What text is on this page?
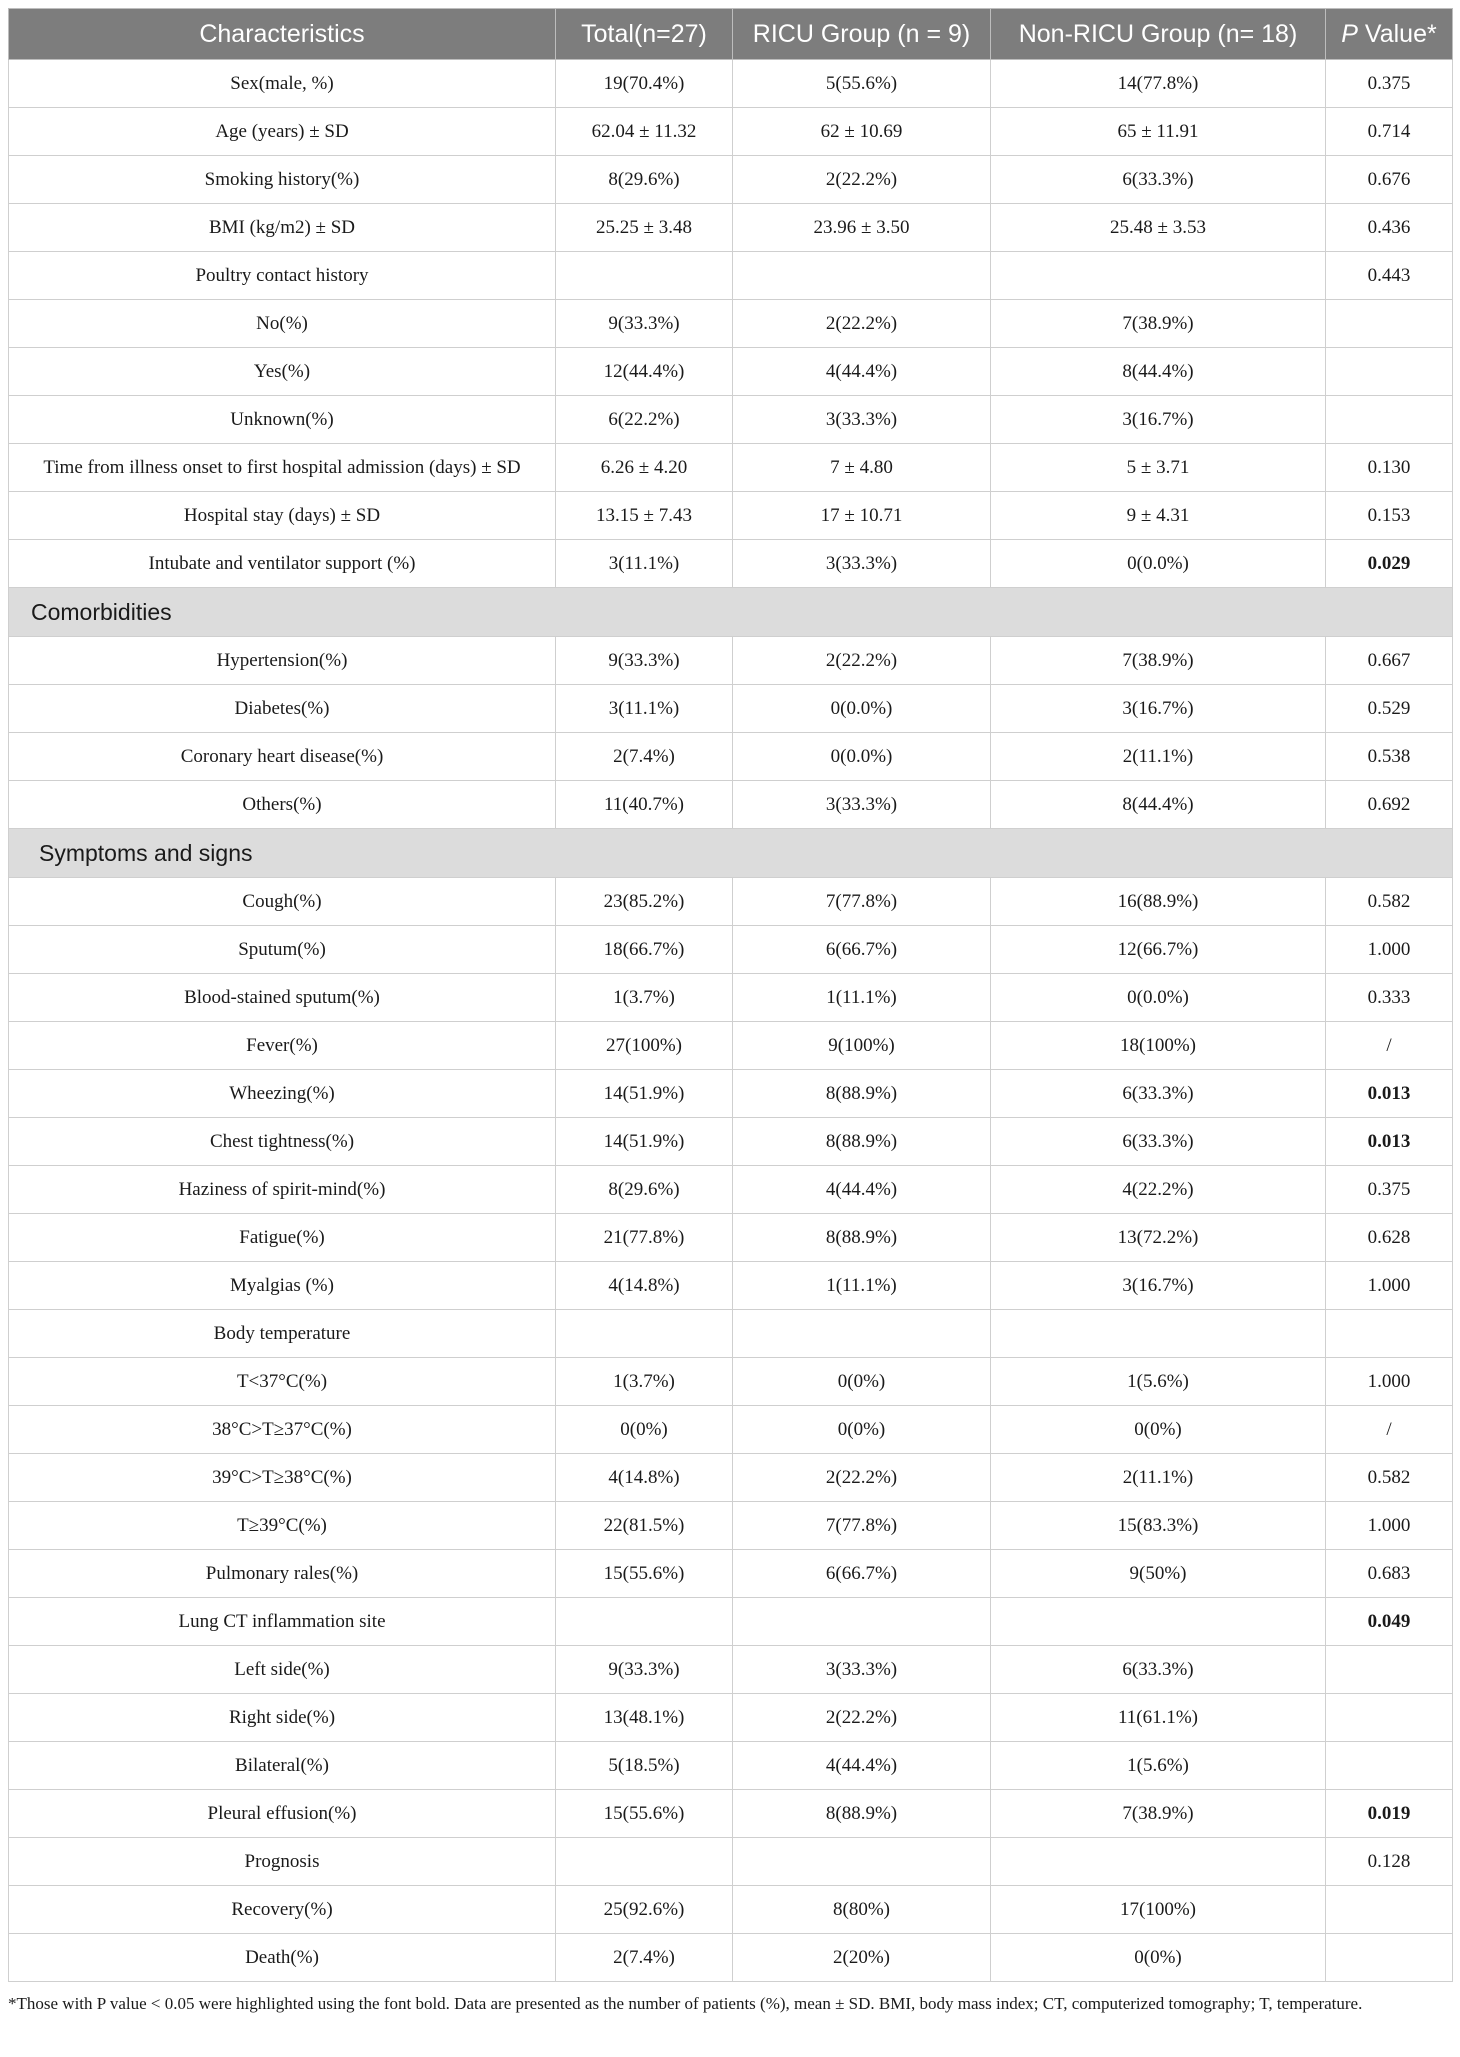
Characteristics	Total(n=27)	RICU Group (n = 9)	Non-RICU Group (n= 18)	P Value*
Sex(male, %)	19(70.4%)	5(55.6%)	14(77.8%)	0.375
Age (years) ± SD	62.04 ± 11.32	62 ± 10.69	65 ± 11.91	0.714
Smoking history(%)	8(29.6%)	2(22.2%)	6(33.3%)	0.676
BMI (kg/m2) ± SD	25.25 ± 3.48	23.96 ± 3.50	25.48 ± 3.53	0.436
Poultry contact history				0.443
No(%)	9(33.3%)	2(22.2%)	7(38.9%)	
Yes(%)	12(44.4%)	4(44.4%)	8(44.4%)	
Unknown(%)	6(22.2%)	3(33.3%)	3(16.7%)	
Time from illness onset to first hospital admission (days) ± SD	6.26 ± 4.20	7 ± 4.80	5 ± 3.71	0.130
Hospital stay (days) ± SD	13.15 ± 7.43	17 ± 10.71	9 ± 4.31	0.153
Intubate and ventilator support (%)	3(11.1%)	3(33.3%)	0(0.0%)	0.029
Comorbidities				
Hypertension(%)	9(33.3%)	2(22.2%)	7(38.9%)	0.667
Diabetes(%)	3(11.1%)	0(0.0%)	3(16.7%)	0.529
Coronary heart disease(%)	2(7.4%)	0(0.0%)	2(11.1%)	0.538
Others(%)	11(40.7%)	3(33.3%)	8(44.4%)	0.692
Symptoms and signs				
Cough(%)	23(85.2%)	7(77.8%)	16(88.9%)	0.582
Sputum(%)	18(66.7%)	6(66.7%)	12(66.7%)	1.000
Blood-stained sputum(%)	1(3.7%)	1(11.1%)	0(0.0%)	0.333
Fever(%)	27(100%)	9(100%)	18(100%)	/
Wheezing(%)	14(51.9%)	8(88.9%)	6(33.3%)	0.013
Chest tightness(%)	14(51.9%)	8(88.9%)	6(33.3%)	0.013
Haziness of spirit-mind(%)	8(29.6%)	4(44.4%)	4(22.2%)	0.375
Fatigue(%)	21(77.8%)	8(88.9%)	13(72.2%)	0.628
Myalgias (%)	4(14.8%)	1(11.1%)	3(16.7%)	1.000
Body temperature				
T<37°C(%)	1(3.7%)	0(0%)	1(5.6%)	1.000
38°C>T≥37°C(%)	0(0%)	0(0%)	0(0%)	/
39°C>T≥38°C(%)	4(14.8%)	2(22.2%)	2(11.1%)	0.582
T≥39°C(%)	22(81.5%)	7(77.8%)	15(83.3%)	1.000
Pulmonary rales(%)	15(55.6%)	6(66.7%)	9(50%)	0.683
Lung CT inflammation site				0.049
Left side(%)	9(33.3%)	3(33.3%)	6(33.3%)	
Right side(%)	13(48.1%)	2(22.2%)	11(61.1%)	
Bilateral(%)	5(18.5%)	4(44.4%)	1(5.6%)	
Pleural effusion(%)	15(55.6%)	8(88.9%)	7(38.9%)	0.019
Prognosis				0.128
Recovery(%)	25(92.6%)	8(80%)	17(100%)	
Death(%)	2(7.4%)	2(20%)	0(0%)	
*Those with P value < 0.05 were highlighted using the font bold. Data are presented as the number of patients (%), mean ± SD. BMI, body mass index; CT, computerized tomography; T, temperature.
